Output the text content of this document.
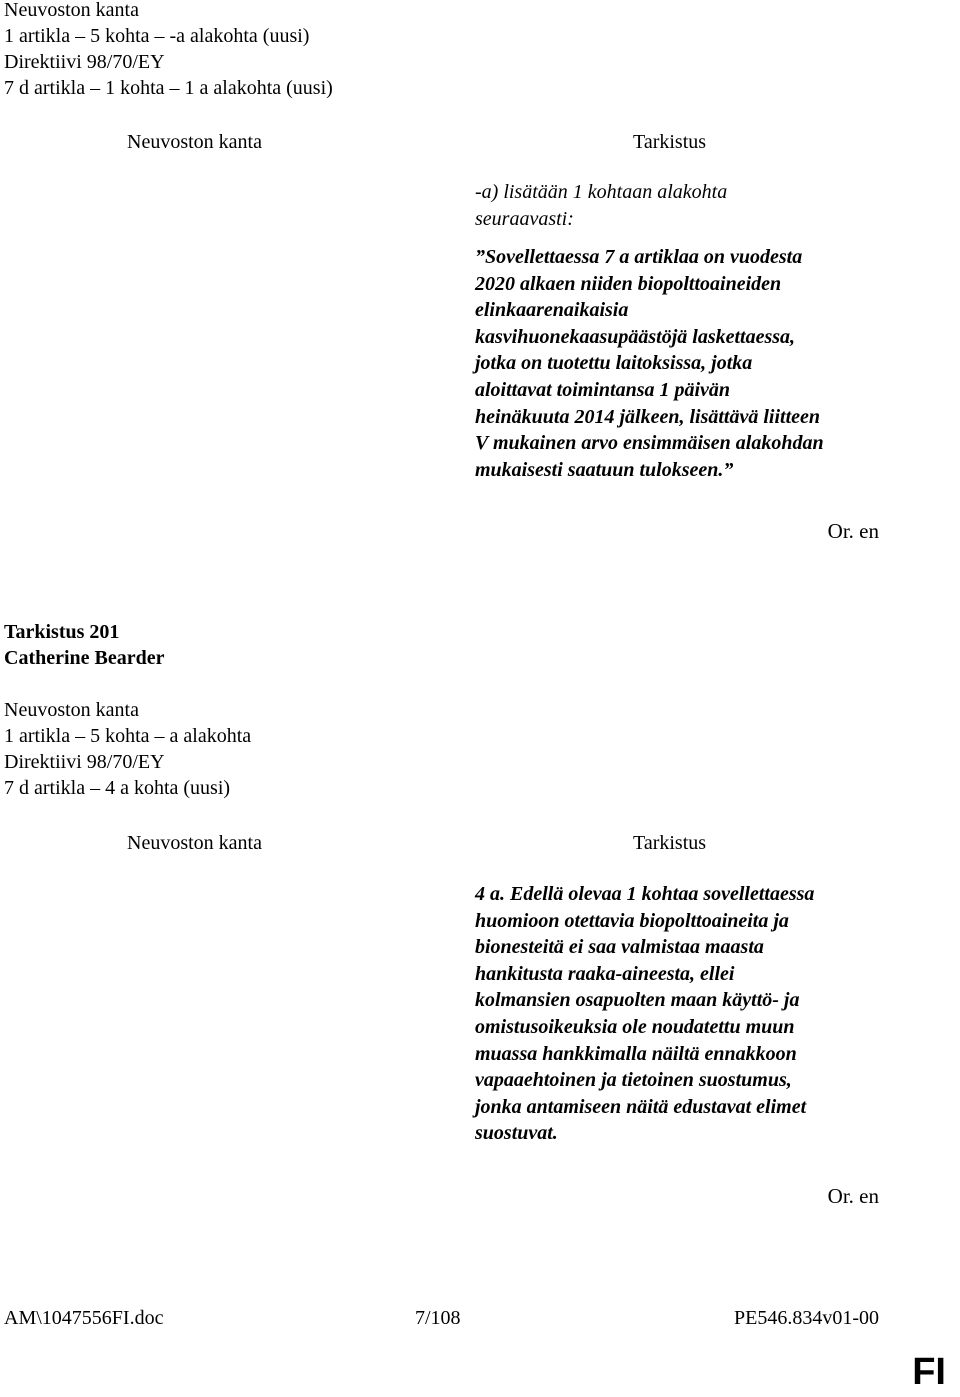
Neuvoston kanta
1 artikla – 5 kohta – -a alakohta (uusi)
Direktiivi 98/70/EY
7 d artikla – 1 kohta – 1 a alakohta (uusi)
Neuvoston kanta	Tarkistus
-a) lisätään 1 kohtaan alakohta
seuraavasti:
”Sovellettaessa 7 a artiklaa on vuodesta
2020 alkaen niiden biopolttoaineiden
elinkaarenaikaisia
kasvihuonekaasupäästöjä laskettaessa,
jotka on tuotettu laitoksissa, jotka
aloittavat toimintansa 1 päivän
heinäkuuta 2014 jälkeen, lisättävä liitteen
V mukainen arvo ensimmäisen alakohdan
mukaisesti saatuun tulokseen.”
Or. en
Tarkistus 201
Catherine Bearder
Neuvoston kanta
1 artikla – 5 kohta – a alakohta
Direktiivi 98/70/EY
7 d artikla – 4 a kohta (uusi)
Neuvoston kanta	Tarkistus
4 a. Edellä olevaa 1 kohtaa sovellettaessa
huomioon otettavia biopolttoaineita ja
bionesteitä ei saa valmistaa maasta
hankitusta raaka-aineesta, ellei
kolmansien osapuolten maan käyttö- ja
omistusoikeuksia ole noudatettu muun
muassa hankkimalla näiltä ennakkoon
vapaaehtoinen ja tietoinen suostumus,
jonka antamiseen näitä edustavat elimet
suostuvat.
Or. en
AM\1047556FI.doc	7/108	PE546.834v01-00
FI
